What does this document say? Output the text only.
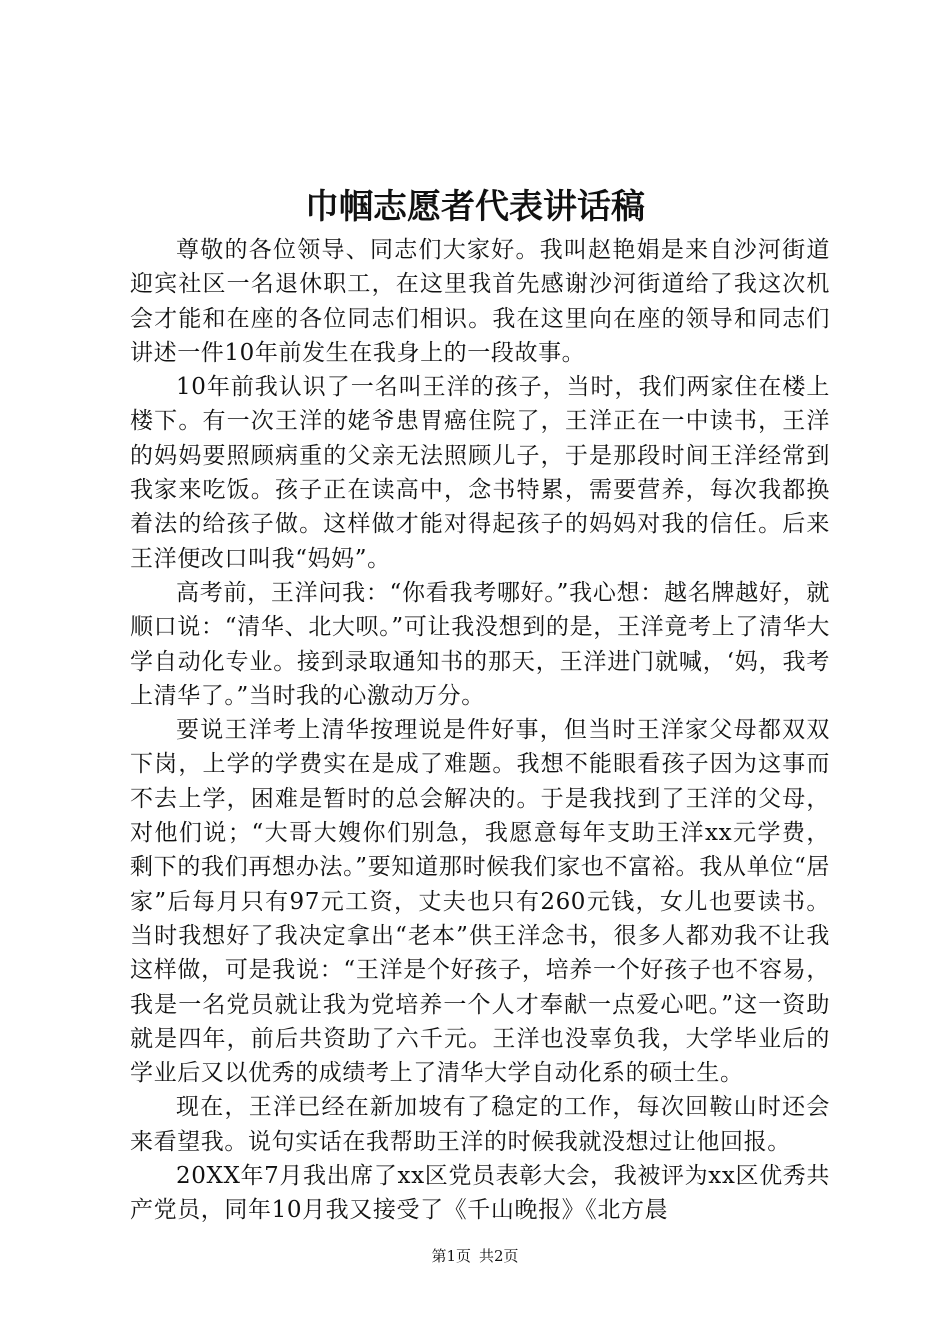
巾帼志愿者代表讲话稿

尊敬的各位领导、同志们大家好。我叫赵艳娟是来自沙河街道迎宾社区一名退休职工，在这里我首先感谢沙河街道给了我这次机会才能和在座的各位同志们相识。我在这里向在座的领导和同志们讲述一件10年前发生在我身上的一段故事。

10年前我认识了一名叫王洋的孩子，当时，我们两家住在楼上楼下。有一次王洋的姥爷患胃癌住院了，王洋正在一中读书，王洋的妈妈要照顾病重的父亲无法照顾儿子，于是那段时间王洋经常到我家来吃饭。孩子正在读高中，念书特累，需要营养，每次我都换着法的给孩子做。这样做才能对得起孩子的妈妈对我的信任。后来王洋便改口叫我“妈妈”。

高考前，王洋问我：“你看我考哪好。”我心想：越名牌越好，就顺口说：“清华、北大呗。”可让我没想到的是，王洋竟考上了清华大学自动化专业。接到录取通知书的那天，王洋进门就喊，‘妈，我考上清华了。”当时我的心激动万分。

要说王洋考上清华按理说是件好事，但当时王洋家父母都双双下岗，上学的学费实在是成了难题。我想不能眼看孩子因为这事而不去上学，困难是暂时的总会解决的。于是我找到了王洋的父母，对他们说；“大哥大嫂你们别急，我愿意每年支助王洋xx元学费，剩下的我们再想办法。”要知道那时候我们家也不富裕。我从单位“居家”后每月只有97元工资，丈夫也只有260元钱，女儿也要读书。当时我想好了我决定拿出“老本”供王洋念书，很多人都劝我不让我这样做，可是我说：“王洋是个好孩子，培养一个好孩子也不容易，我是一名党员就让我为党培养一个人才奉献一点爱心吧。”这一资助就是四年，前后共资助了六千元。王洋也没辜负我，大学毕业后的学业后又以优秀的成绩考上了清华大学自动化系的硕士生。

现在，王洋已经在新加坡有了稳定的工作，每次回鞍山时还会来看望我。说句实话在我帮助王洋的时候我就没想过让他回报。

20XX年7月我出席了xx区党员表彰大会，我被评为xx区优秀共产党员，同年10月我又接受了《千山晚报》《北方晨

第1页 共2页
